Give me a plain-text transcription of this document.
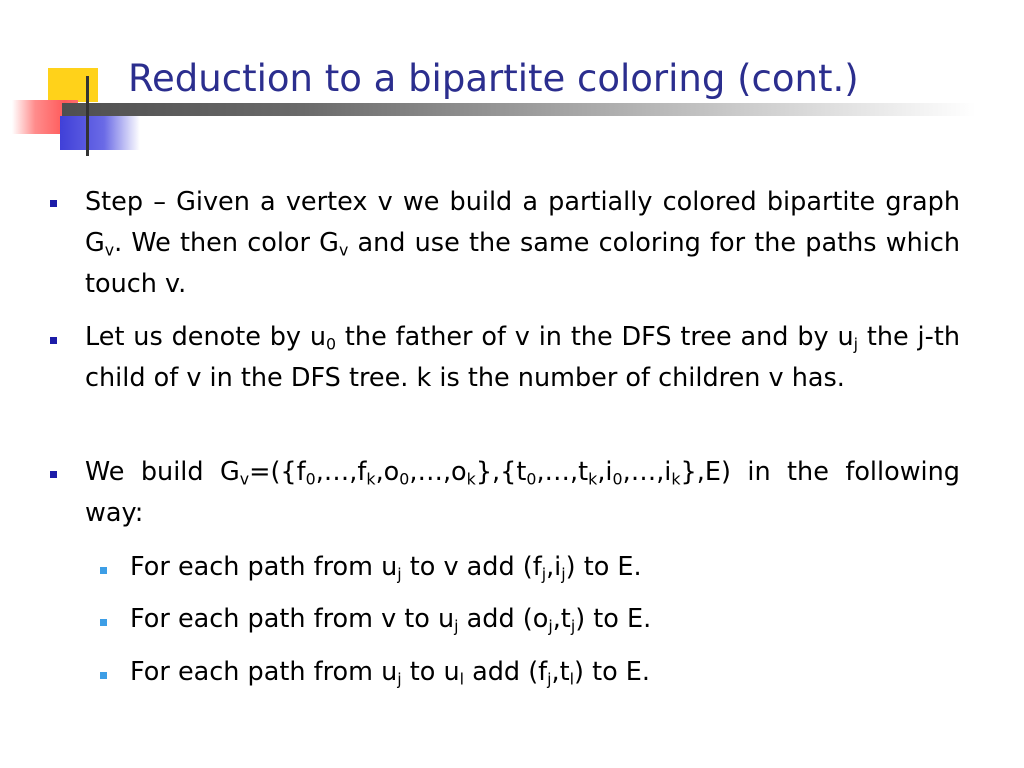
Reduction to a bipartite coloring (cont.)

Step – Given a vertex v we build a partially colored bipartite graph $G_v$. We then color $G_v$ and use the same coloring for the paths which touch v.

Let us denote by $u_0$ the father of v in the DFS tree and by $u_j$ the j-th child of v in the DFS tree. k is the number of children v has.

We build $G_v=(\{f_0,\dots,f_k,o_0,\dots,o_k\},\{t_0,\dots,t_k,i_0,\dots,i_k\},E)$ in the following way:

For each path from $u_j$ to v add $(f_j,i_j)$ to E.

For each path from v to $u_j$ add $(o_j,t_j)$ to E.

For each path from $u_j$ to $u_l$ add $(f_j,t_l)$ to E.
